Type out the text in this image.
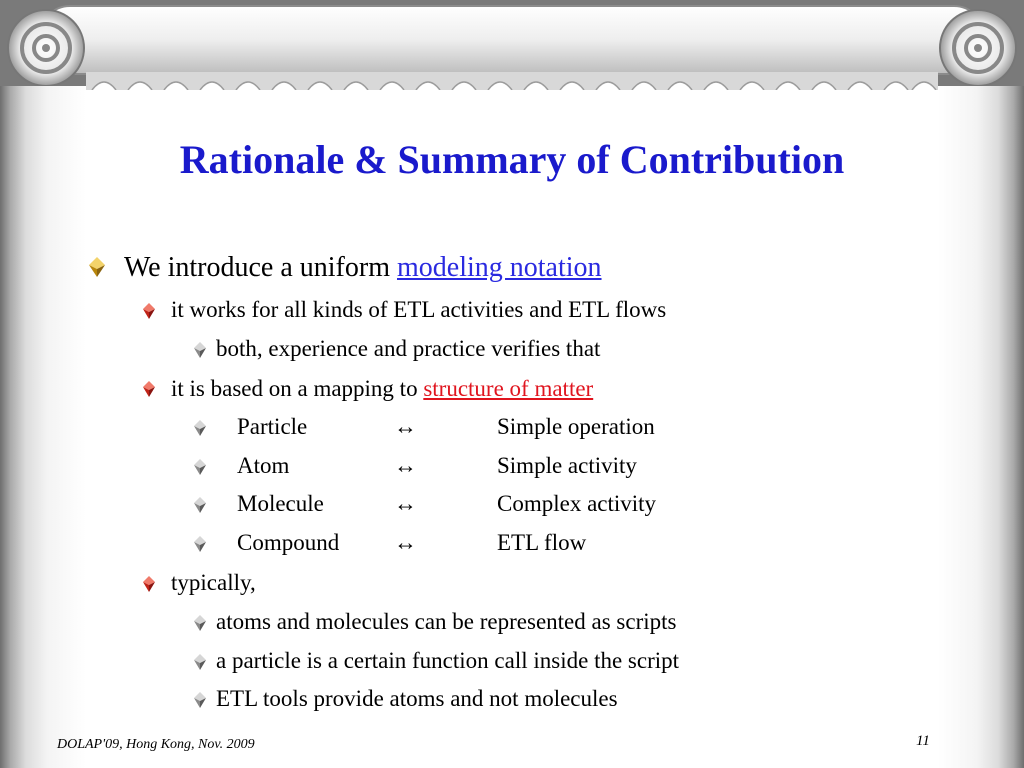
Rationale & Summary of Contribution
We introduce a uniform modeling notation
it works for all kinds of ETL activities and ETL flows
both, experience and practice verifies that
it is based on a mapping to structure of matter
Particle	↔	Simple operation
Atom	↔	Simple activity
Molecule	↔	Complex activity
Compound ↔	ETL flow
typically,
atoms and molecules can be represented as scripts
a particle is a certain function call inside the script
ETL tools provide atoms and not molecules
DOLAP'09, Hong Kong, Nov. 2009	11
